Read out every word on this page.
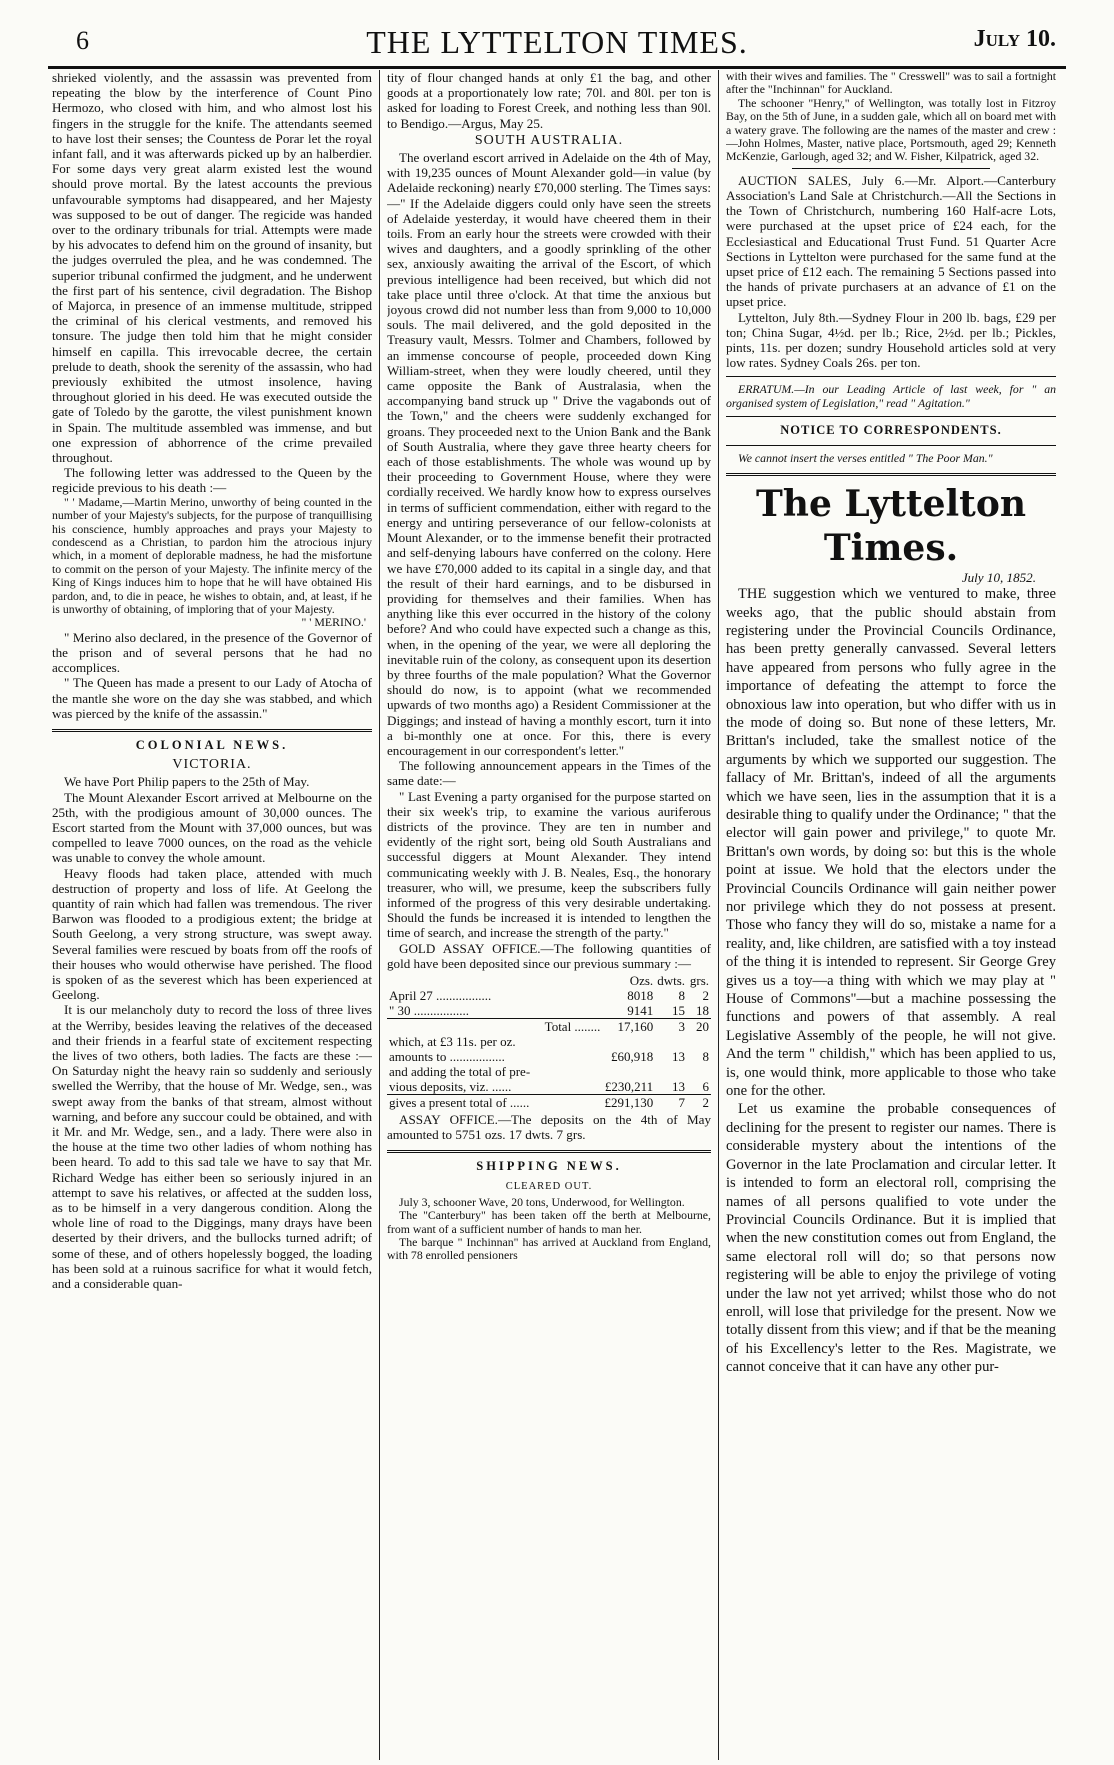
6	THE LYTTELTON TIMES.	July 10.

shrieked violently, and the assassin was prevented from repeating the blow by the interference of Count Pino Hermozo, who closed with him, and who almost lost his fingers in the struggle for the knife. The attendants seemed to have lost their senses; the Countess de Porar let the royal infant fall, and it was afterwards picked up by an halberdier. For some days very great alarm existed lest the wound should prove mortal. By the latest accounts the previous unfavourable symptoms had disappeared, and her Majesty was supposed to be out of danger. The regicide was handed over to the ordinary tribunals for trial. Attempts were made by his advocates to defend him on the ground of insanity, but the judges overruled the plea, and he was condemned. The superior tribunal confirmed the judgment, and he underwent the first part of his sentence, civil degradation. The Bishop of Majorca, in presence of an immense multitude, stripped the criminal of his clerical vestments, and removed his tonsure. The judge then told him that he might consider himself en capilla. This irrevocable decree, the certain prelude to death, shook the serenity of the assassin, who had previously exhibited the utmost insolence, having throughout gloried in his deed. He was executed outside the gate of Toledo by the garotte, the vilest punishment known in Spain. The multitude assembled was immense, and but one expression of abhorrence of the crime prevailed throughout.

The following letter was addressed to the Queen by the regicide previous to his death :—

" ' Madame,—Martin Merino, unworthy of being counted in the number of your Majesty's subjects, for the purpose of tranquillising his conscience, humbly approaches and prays your Majesty to condescend as a Christian, to pardon him the atrocious injury which, in a moment of deplorable madness, he had the misfortune to commit on the person of your Majesty. The infinite mercy of the King of Kings induces him to hope that he will have obtained His pardon, and, to die in peace, he wishes to obtain, and, at least, if he is unworthy of obtaining, of imploring that of your Majesty.

" ' MERINO.'

" Merino also declared, in the presence of the Governor of the prison and of several persons that he had no accomplices.

" The Queen has made a present to our Lady of Atocha of the mantle she wore on the day she was stabbed, and which was pierced by the knife of the assassin."

COLONIAL NEWS.
VICTORIA.

We have Port Philip papers to the 25th of May.

The Mount Alexander Escort arrived at Melbourne on the 25th, with the prodigious amount of 30,000 ounces. The Escort started from the Mount with 37,000 ounces, but was compelled to leave 7000 ounces, on the road as the vehicle was unable to convey the whole amount.

Heavy floods had taken place, attended with much destruction of property and loss of life. At Geelong the quantity of rain which had fallen was tremendous. The river Barwon was flooded to a prodigious extent; the bridge at South Geelong, a very strong structure, was swept away. Several families were rescued by boats from off the roofs of their houses who would otherwise have perished. The flood is spoken of as the severest which has been experienced at Geelong.

It is our melancholy duty to record the loss of three lives at the Werriby, besides leaving the relatives of the deceased and their friends in a fearful state of excitement respecting the lives of two others, both ladies. The facts are these :—On Saturday night the heavy rain so suddenly and seriously swelled the Werriby, that the house of Mr. Wedge, sen., was swept away from the banks of that stream, almost without warning, and before any succour could be obtained, and with it Mr. and Mr. Wedge, sen., and a lady. There were also in the house at the time two other ladies of whom nothing has been heard. To add to this sad tale we have to say that Mr. Richard Wedge has either been so seriously injured in an attempt to save his relatives, or affected at the sudden loss, as to be himself in a very dangerous condition. Along the whole line of road to the Diggings, many drays have been deserted by their drivers, and the bullocks turned adrift; of some of these, and of others hopelessly bogged, the loading has been sold at a ruinous sacrifice for what it would fetch, and a considerable quan-

tity of flour changed hands at only £1 the bag, and other goods at a proportionately low rate; 70l. and 80l. per ton is asked for loading to Forest Creek, and nothing less than 90l. to Bendigo.—Argus, May 25.

SOUTH AUSTRALIA.

The overland escort arrived in Adelaide on the 4th of May, with 19,235 ounces of Mount Alexander gold—in value (by Adelaide reckoning) nearly £70,000 sterling. The Times says: —" If the Adelaide diggers could only have seen the streets of Adelaide yesterday, it would have cheered them in their toils. From an early hour the streets were crowded with their wives and daughters, and a goodly sprinkling of the other sex, anxiously awaiting the arrival of the Escort, of which previous intelligence had been received, but which did not take place until three o'clock. At that time the anxious but joyous crowd did not number less than from 9,000 to 10,000 souls. The mail delivered, and the gold deposited in the Treasury vault, Messrs. Tolmer and Chambers, followed by an immense concourse of people, proceeded down King William-street, when they were loudly cheered, until they came opposite the Bank of Australasia, when the accompanying band struck up " Drive the vagabonds out of the Town," and the cheers were suddenly exchanged for groans. They proceeded next to the Union Bank and the Bank of South Australia, where they gave three hearty cheers for each of those establishments. The whole was wound up by their proceeding to Government House, where they were cordially received. We hardly know how to express ourselves in terms of sufficient commendation, either with regard to the energy and untiring perseverance of our fellow-colonists at Mount Alexander, or to the immense benefit their protracted and self-denying labours have conferred on the colony. Here we have £70,000 added to its capital in a single day, and that the result of their hard earnings, and to be disbursed in providing for themselves and their families. When has anything like this ever occurred in the history of the colony before? And who could have expected such a change as this, when, in the opening of the year, we were all deploring the inevitable ruin of the colony, as consequent upon its desertion by three fourths of the male population? What the Governor should do now, is to appoint (what we recommended upwards of two months ago) a Resident Commissioner at the Diggings; and instead of having a monthly escort, turn it into a bi-monthly one at once. For this, there is every encouragement in our correspondent's letter."

The following announcement appears in the Times of the same date:—

" Last Evening a party organised for the purpose started on their six week's trip, to examine the various auriferous districts of the province. They are ten in number and evidently of the right sort, being old South Australians and successful diggers at Mount Alexander. They intend communicating weekly with J. B. Neales, Esq., the honorary treasurer, who will, we presume, keep the subscribers fully informed of the progress of this very desirable undertaking. Should the funds be increased it is intended to lengthen the time of search, and increase the strength of the party."

GOLD ASSAY OFFICE.—The following quantities of gold have been deposited since our previous summary :—

	Ozs.	dwts.	grs.
April 27 .................	8018	8	2
" 30 .................	9141	15	18
Total ........	17,160	3	20
which, at £3 11s. per oz.			
amounts to .................	£60,918	13	8
and adding the total of pre-			
vious deposits, viz. ......	£230,211	13	6
gives a present total of ......	£291,130	7	2

ASSAY OFFICE.—The deposits on the 4th of May amounted to 5751 ozs. 17 dwts. 7 grs.

SHIPPING NEWS.
CLEARED OUT.

July 3, schooner Wave, 20 tons, Underwood, for Wellington.

The "Canterbury" has been taken off the berth at Melbourne, from want of a sufficient number of hands to man her.

The barque " Inchinnan" has arrived at Auckland from England, with 78 enrolled pensioners

with their wives and families. The " Cresswell" was to sail a fortnight after the "Inchinnan" for Auckland.

The schooner "Henry," of Wellington, was totally lost in Fitzroy Bay, on the 5th of June, in a sudden gale, which all on board met with a watery grave. The following are the names of the master and crew :—John Holmes, Master, native place, Portsmouth, aged 29; Kenneth McKenzie, Garlough, aged 32; and W. Fisher, Kilpatrick, aged 32.

AUCTION SALES, July 6.—Mr. Alport.—Canterbury Association's Land Sale at Christchurch.—All the Sections in the Town of Christchurch, numbering 160 Half-acre Lots, were purchased at the upset price of £24 each, for the Ecclesiastical and Educational Trust Fund. 51 Quarter Acre Sections in Lyttelton were purchased for the same fund at the upset price of £12 each. The remaining 5 Sections passed into the hands of private purchasers at an advance of £1 on the upset price.

Lyttelton, July 8th.—Sydney Flour in 200 lb. bags, £29 per ton; China Sugar, 4½d. per lb.; Rice, 2½d. per lb.; Pickles, pints, 11s. per dozen; sundry Household articles sold at very low rates. Sydney Coals 26s. per ton.

ERRATUM.—In our Leading Article of last week, for " an organised system of Legislation," read " Agitation."

NOTICE TO CORRESPONDENTS.

We cannot insert the verses entitled " The Poor Man."

The Lyttelton Times.
July 10, 1852.

THE suggestion which we ventured to make, three weeks ago, that the public should abstain from registering under the Provincial Councils Ordinance, has been pretty generally canvassed. Several letters have appeared from persons who fully agree in the importance of defeating the attempt to force the obnoxious law into operation, but who differ with us in the mode of doing so. But none of these letters, Mr. Brittan's included, take the smallest notice of the arguments by which we supported our suggestion. The fallacy of Mr. Brittan's, indeed of all the arguments which we have seen, lies in the assumption that it is a desirable thing to qualify under the Ordinance; " that the elector will gain power and privilege," to quote Mr. Brittan's own words, by doing so: but this is the whole point at issue. We hold that the electors under the Provincial Councils Ordinance will gain neither power nor privilege which they do not possess at present. Those who fancy they will do so, mistake a name for a reality, and, like children, are satisfied with a toy instead of the thing it is intended to represent. Sir George Grey gives us a toy—a thing with which we may play at " House of Commons"—but a machine possessing the functions and powers of that assembly. A real Legislative Assembly of the people, he will not give. And the term " childish," which has been applied to us, is, one would think, more applicable to those who take one for the other.

Let us examine the probable consequences of declining for the present to register our names. There is considerable mystery about the intentions of the Governor in the late Proclamation and circular letter. It is intended to form an electoral roll, comprising the names of all persons qualified to vote under the Provincial Councils Ordinance. But it is implied that when the new constitution comes out from England, the same electoral roll will do; so that persons now registering will be able to enjoy the privilege of voting under the law not yet arrived; whilst those who do not enroll, will lose that priviledge for the present. Now we totally dissent from this view; and if that be the meaning of his Excellency's letter to the Res. Magistrate, we cannot conceive that it can have any other pur-
